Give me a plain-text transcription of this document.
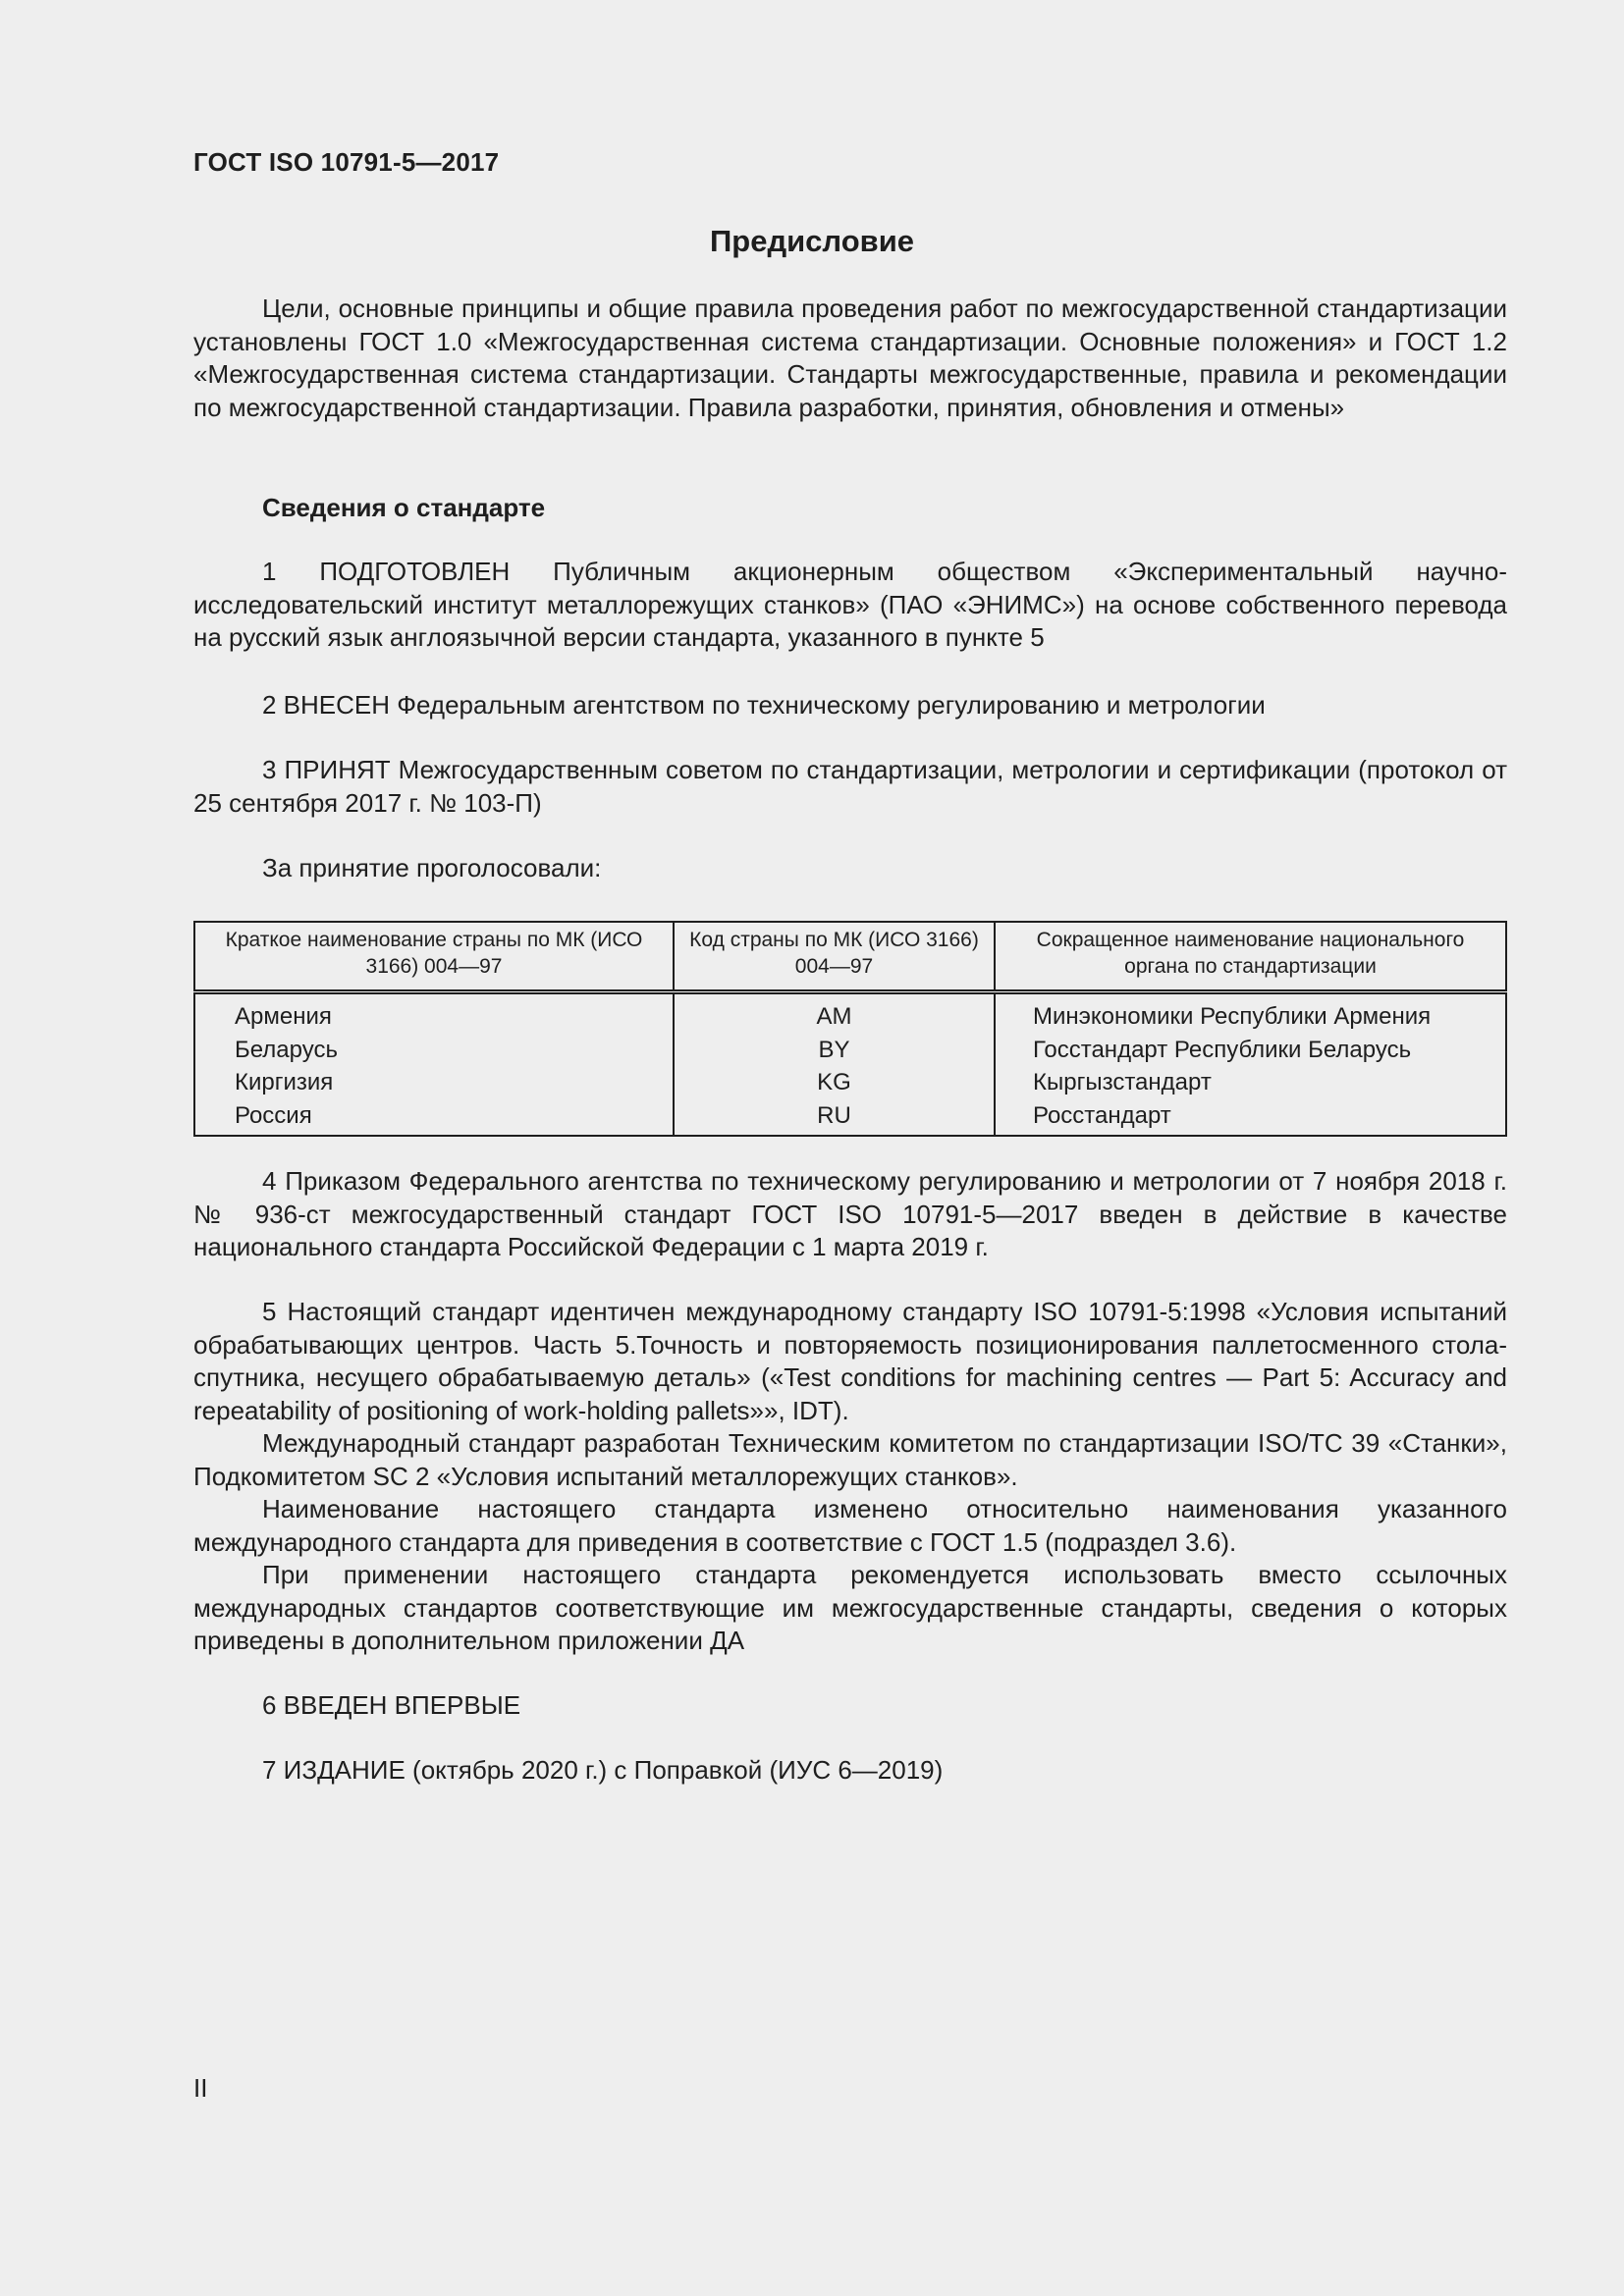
ГОСТ ISO 10791-5—2017
Предисловие

Цели, основные принципы и общие правила проведения работ по межгосударственной стандартизации установлены ГОСТ 1.0 «Межгосударственная система стандартизации. Основные положения» и ГОСТ 1.2 «Межгосударственная система стандартизации. Стандарты межгосударственные, правила и рекомендации по межгосударственной стандартизации. Правила разработки, принятия, обновления и отмены»

Сведения о стандарте

1 ПОДГОТОВЛЕН Публичным акционерным обществом «Экспериментальный научно-исследовательский институт металлорежущих станков» (ПАО «ЭНИМС») на основе собственного перевода на русский язык англоязычной версии стандарта, указанного в пункте 5

2 ВНЕСЕН Федеральным агентством по техническому регулированию и метрологии

3 ПРИНЯТ Межгосударственным советом по стандартизации, метрологии и сертификации (протокол от 25 сентября 2017 г. № 103-П)

За принятие проголосовали:

Краткое наименование страны по МК (ИСО 3166) 004—97	Код страны по МК (ИСО 3166) 004—97	Сокращенное наименование национального органа по стандартизации
Армения	AM	Минэкономики Республики Армения
Беларусь	BY	Госстандарт Республики Беларусь
Киргизия	KG	Кыргызстандарт
Россия	RU	Росстандарт

4 Приказом Федерального агентства по техническому регулированию и метрологии от 7 ноября 2018 г. № 936-ст межгосударственный стандарт ГОСТ ISO 10791-5—2017 введен в действие в качестве национального стандарта Российской Федерации с 1 марта 2019 г.

5 Настоящий стандарт идентичен международному стандарту ISO 10791-5:1998 «Условия испытаний обрабатывающих центров. Часть 5.Точность и повторяемость позиционирования паллетосменного стола-спутника, несущего обрабатываемую деталь» («Test conditions for machining centres — Part 5: Accuracy and repeatability of positioning of work-holding pallets»», IDT).

Международный стандарт разработан Техническим комитетом по стандартизации ISO/TC 39 «Станки», Подкомитетом SC 2 «Условия испытаний металлорежущих станков».

Наименование настоящего стандарта изменено относительно наименования указанного международного стандарта для приведения в соответствие с ГОСТ 1.5 (подраздел 3.6).

При применении настоящего стандарта рекомендуется использовать вместо ссылочных международных стандартов соответствующие им межгосударственные стандарты, сведения о которых приведены в дополнительном приложении ДА

6 ВВЕДЕН ВПЕРВЫЕ

7 ИЗДАНИЕ (октябрь 2020 г.) с Поправкой (ИУС 6—2019)

II
